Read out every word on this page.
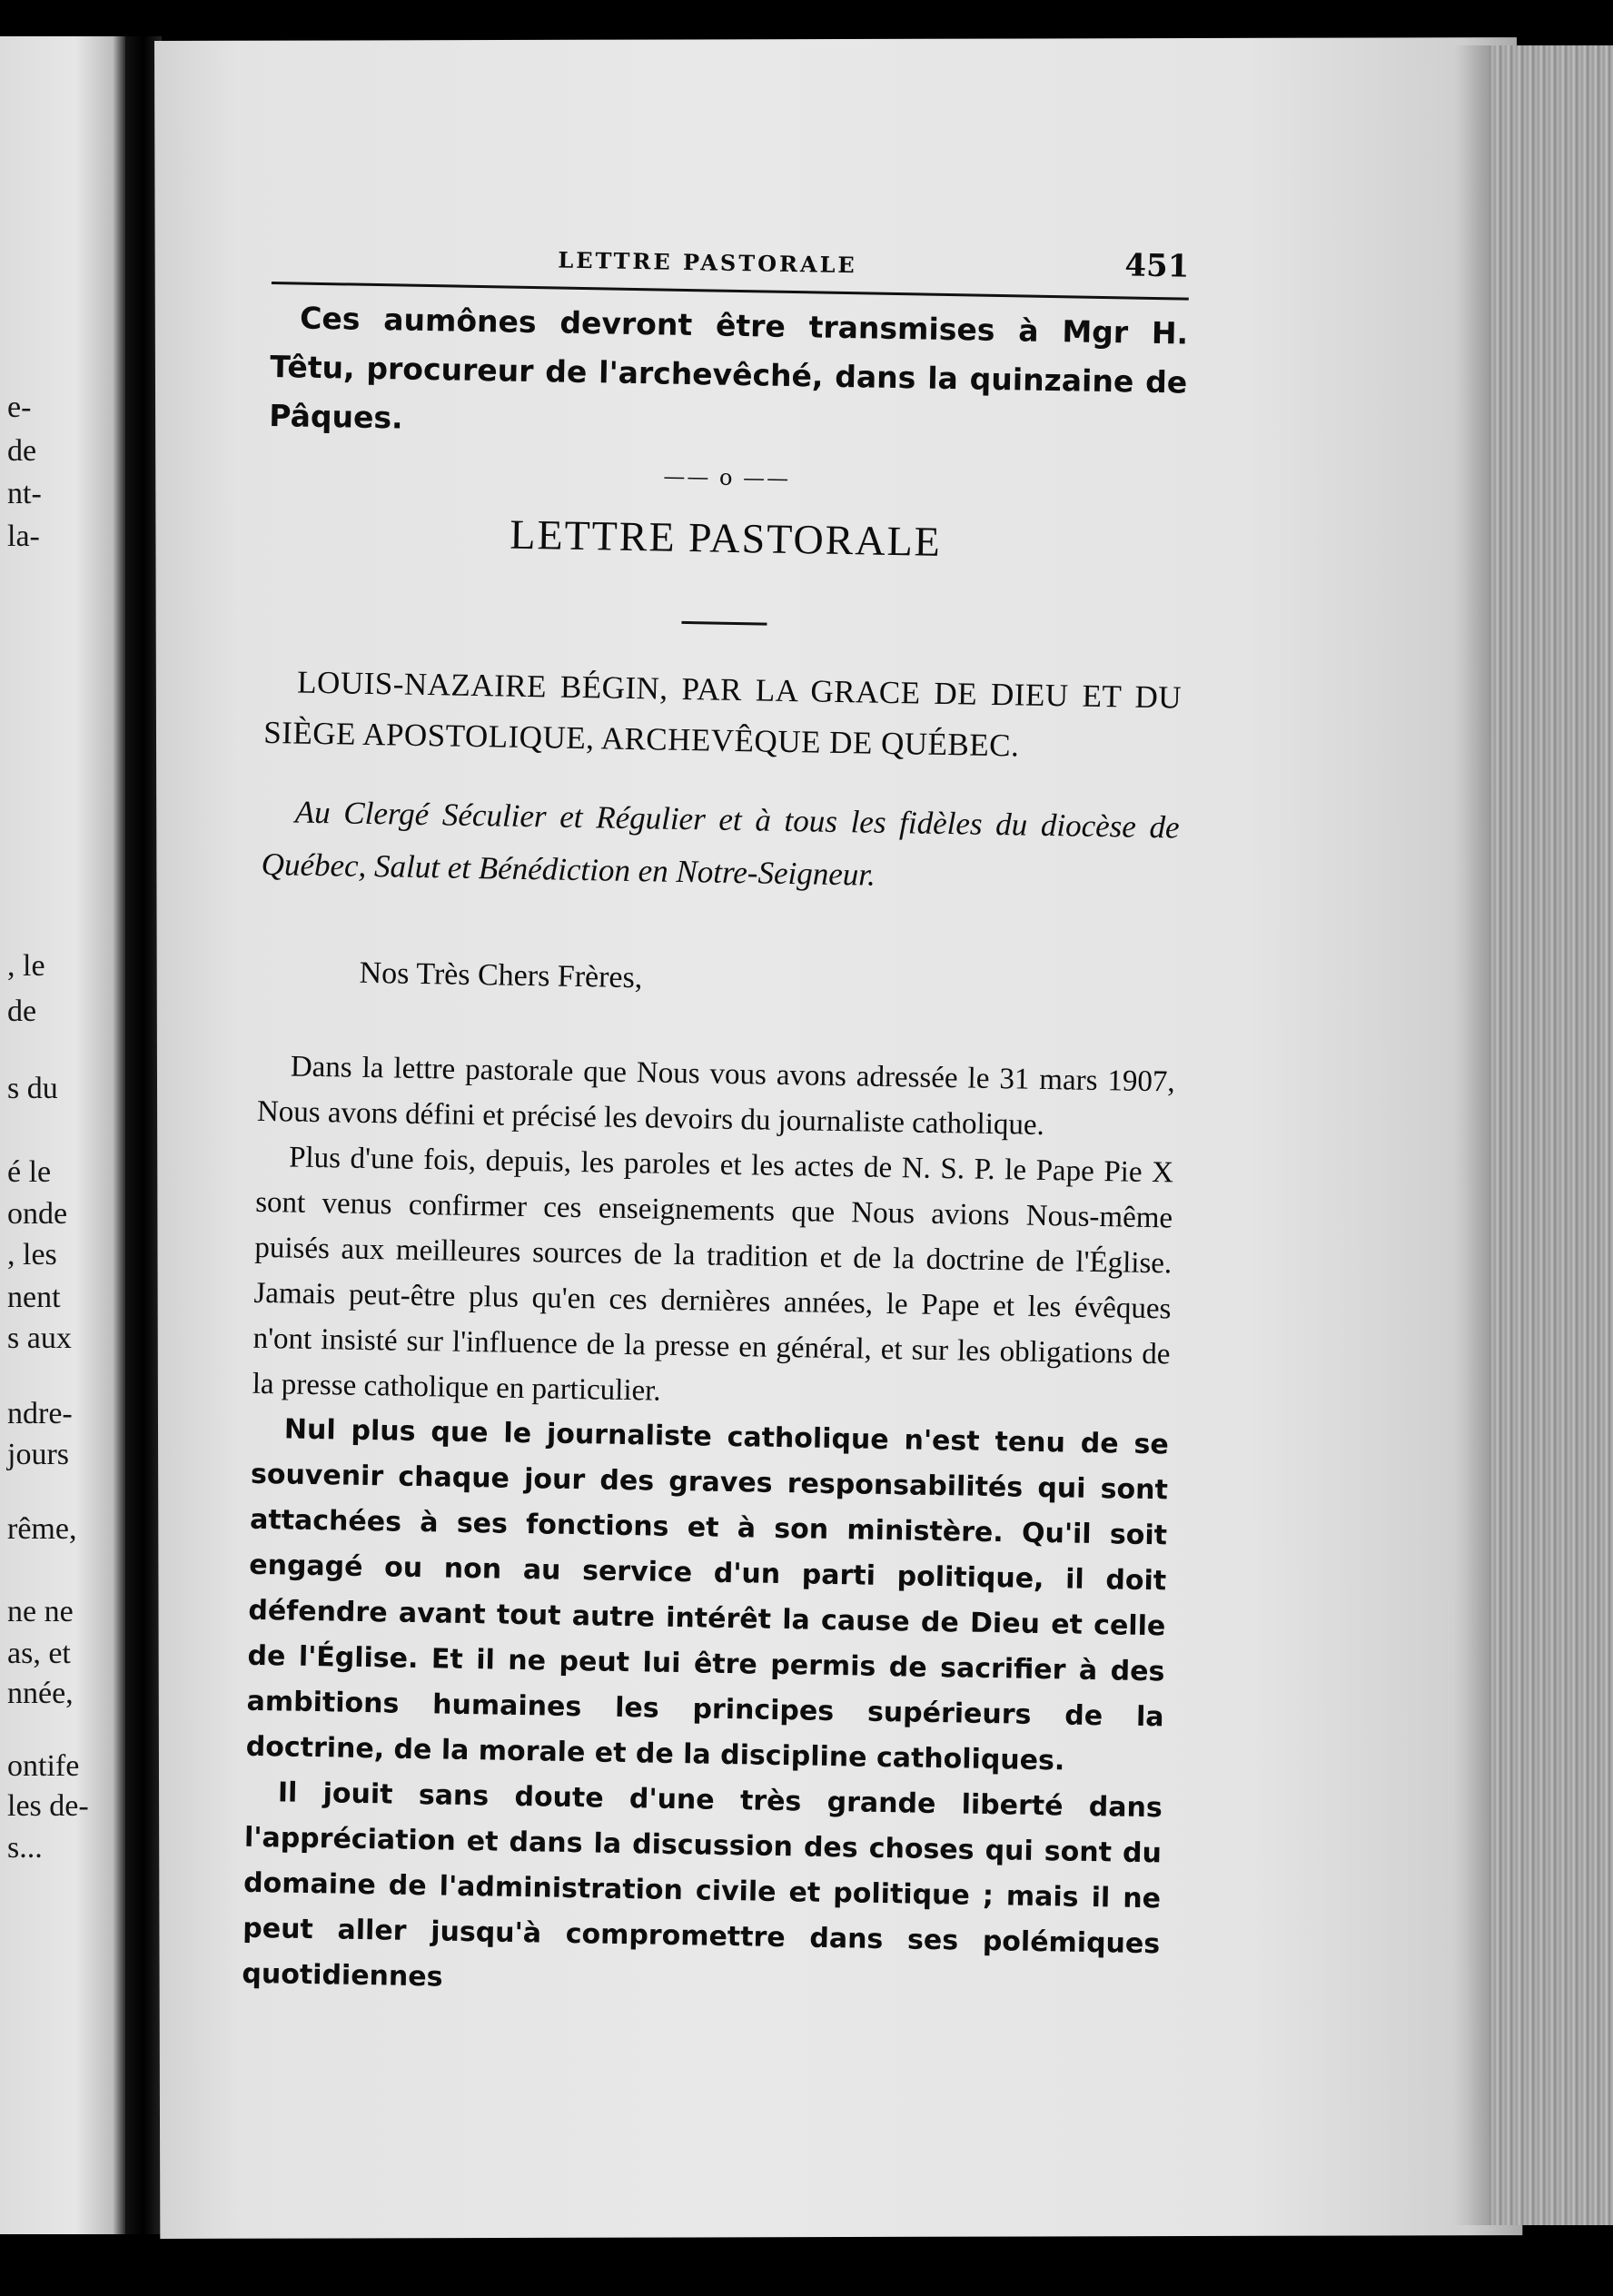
e-
de
nt-
la-
, le
de
s du
é le
onde
, les
nent
s aux
ndre-
jours
rême,
ne ne
as, et
nnée,
ontife
les de-
s...
LETTRE PASTORALE	451

Ces aumônes devront être transmises à Mgr H. Têtu, procureur de l'archevêché, dans la quinzaine de Pâques.

—— o ——
LETTRE PASTORALE

LOUIS-NAZAIRE BÉGIN, PAR LA GRACE DE DIEU ET DU SIÈGE APOSTOLIQUE, ARCHEVÊQUE DE QUÉBEC.

Au Clergé Séculier et Régulier et à tous les fidèles du diocèse de Québec, Salut et Bénédiction en Notre-Seigneur.

Nos Très Chers Frères,

Dans la lettre pastorale que Nous vous avons adressée le 31 mars 1907, Nous avons défini et précisé les devoirs du journaliste catholique.

Plus d'une fois, depuis, les paroles et les actes de N. S. P. le Pape Pie X sont venus confirmer ces enseignements que Nous avions Nous-même puisés aux meilleures sources de la tradition et de la doctrine de l'Église. Jamais peut-être plus qu'en ces dernières années, le Pape et les évêques n'ont insisté sur l'influence de la presse en général, et sur les obligations de la presse catholique en particulier.

Nul plus que le journaliste catholique n'est tenu de se souvenir chaque jour des graves responsabilités qui sont attachées à ses fonctions et à son ministère. Qu'il soit engagé ou non au service d'un parti politique, il doit défendre avant tout autre intérêt la cause de Dieu et celle de l'Église. Et il ne peut lui être permis de sacrifier à des ambitions humaines les principes supérieurs de la doctrine, de la morale et de la discipline catholiques.

Il jouit sans doute d'une très grande liberté dans l'appréciation et dans la discussion des choses qui sont du domaine de l'administration civile et politique ; mais il ne peut aller jusqu'à compromettre dans ses polémiques quotidiennes
